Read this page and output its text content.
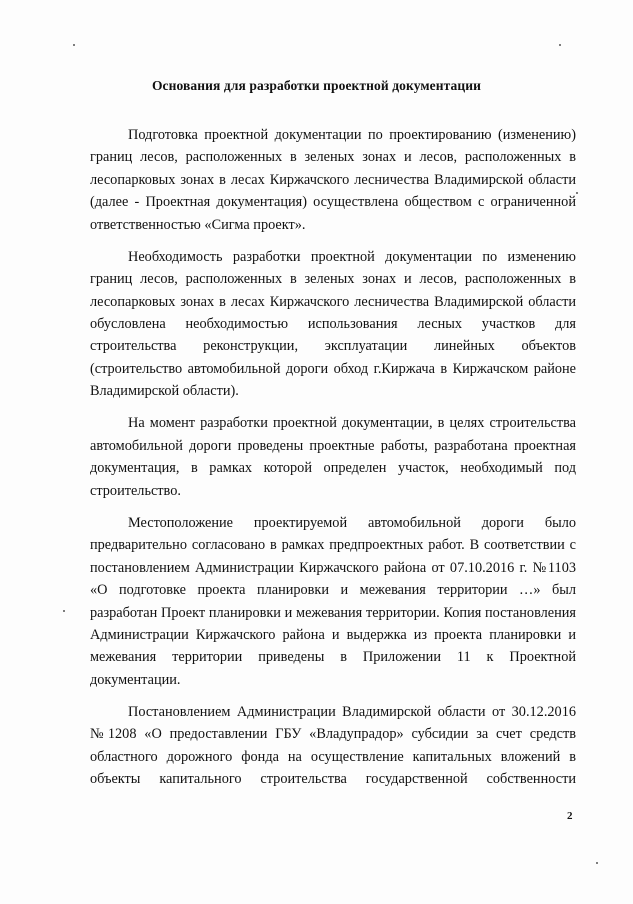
Основания для разработки проектной документации

Подготовка проектной документации по проектированию (изменению) границ лесов, расположенных в зеленых зонах и лесов, расположенных в лесопарковых зонах в лесах Киржачского лесничества Владимирской области (далее - Проектная документация) осуществлена обществом с ограниченной ответственностью «Сигма проект».

Необходимость разработки проектной документации по изменению границ лесов, расположенных в зеленых зонах и лесов, расположенных в лесопарковых зонах в лесах Киржачского лесничества Владимирской области обусловлена необходимостью использования лесных участков для строительства реконструкции, эксплуатации линейных объектов (строительство автомобильной дороги обход г.Киржача в Киржачском районе Владимирской области).

На момент разработки проектной документации, в целях строительства автомобильной дороги проведены проектные работы, разработана проектная документация, в рамках которой определен участок, необходимый под строительство.

Местоположение проектируемой автомобильной дороги было предварительно согласовано в рамках предпроектных работ. В соответствии с постановлением Администрации Киржачского района от 07.10.2016 г. №1103 «О подготовке проекта планировки и межевания территории …» был разработан Проект планировки и межевания территории. Копия постановления Администрации Киржачского района и выдержка из проекта планировки и межевания территории приведены в Приложении 11 к Проектной документации.

Постановлением Администрации Владимирской области от 30.12.2016 №1208 «О предоставлении ГБУ «Владупрадор» субсидии за счет средств областного дорожного фонда на осуществление капитальных вложений в объекты капитального строительства государственной собственности

2
